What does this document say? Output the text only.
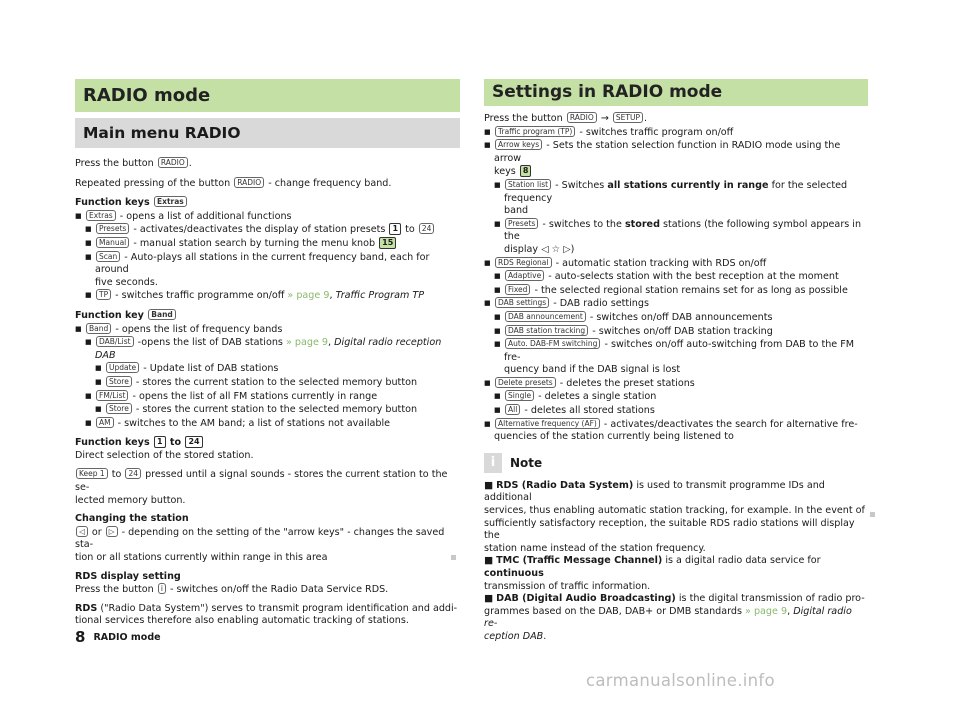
RADIO mode
Main menu RADIO

Press the button RADIO .

Repeated pressing of the button RADIO - change frequency band.

Function keys Extras

■ Extras - opens a list of additional functions
■ Presets - activates/deactivates the display of station presets 1 to 24
■ Manual - manual station search by turning the menu knob 15
■ Scan - Auto-plays all stations in the current frequency band, each for around
five seconds.
■ TP - switches traffic programme on/off » page 9, Traffic Program TP

Function key Band

■ Band - opens the list of frequency bands
■ DAB/List -opens the list of DAB stations » page 9, Digital radio reception
DAB
■ Update - Update list of DAB stations
■ Store - stores the current station to the selected memory button
■ FM/List - opens the list of all FM stations currently in range
■ Store - stores the current station to the selected memory button
■ AM - switches to the AM band; a list of stations not available

Function keys 1 to 24

Direct selection of the stored station.

Keep 1 to 24 pressed until a signal sounds - stores the current station to the se-
lected memory button.

Changing the station

◁ or ▷ - depending on the setting of the "arrow keys" - changes the saved sta-
tion or all stations currently within range in this area

RDS display setting

Press the button i - switches on/off the Radio Data Service RDS.

RDS ("Radio Data System") serves to transmit program identification and addi-
tional services therefore also enabling automatic tracking of stations.

Settings in RADIO mode

Press the button RADIO → SETUP .

■ Traffic program (TP) - switches traffic program on/off
■ Arrow keys - Sets the station selection function in RADIO mode using the arrow
keys 8
■ Station list - Switches all stations currently in range for the selected frequency
band
■ Presets - switches to the stored stations (the following symbol appears in the
display ◁ ☆ ▷)
■ RDS Regional - automatic station tracking with RDS on/off
■ Adaptive - auto-selects station with the best reception at the moment
■ Fixed - the selected regional station remains set for as long as possible
■ DAB settings - DAB radio settings
■ DAB announcement - switches on/off DAB announcements
■ DAB station tracking - switches on/off DAB station tracking
■ Auto. DAB-FM switching - switches on/off auto-switching from DAB to the FM fre-
quency band if the DAB signal is lost
■ Delete presets - deletes the preset stations
■ Single - deletes a single station
■ All - deletes all stored stations
■ Alternative frequency (AF) - activates/deactivates the search for alternative fre-
quencies of the station currently being listened to
i	Note

■ RDS (Radio Data System) is used to transmit programme IDs and additional
services, thus enabling automatic station tracking, for example. In the event of
sufficiently satisfactory reception, the suitable RDS radio stations will display the
station name instead of the station frequency.

■ TMC (Traffic Message Channel) is a digital radio data service for continuous
transmission of traffic information.

■ DAB (Digital Audio Broadcasting) is the digital transmission of radio pro-
grammes based on the DAB, DAB+ or DMB standards » page 9, Digital radio re-
ception DAB.

8 RADIO mode
carmanualsonline.info
